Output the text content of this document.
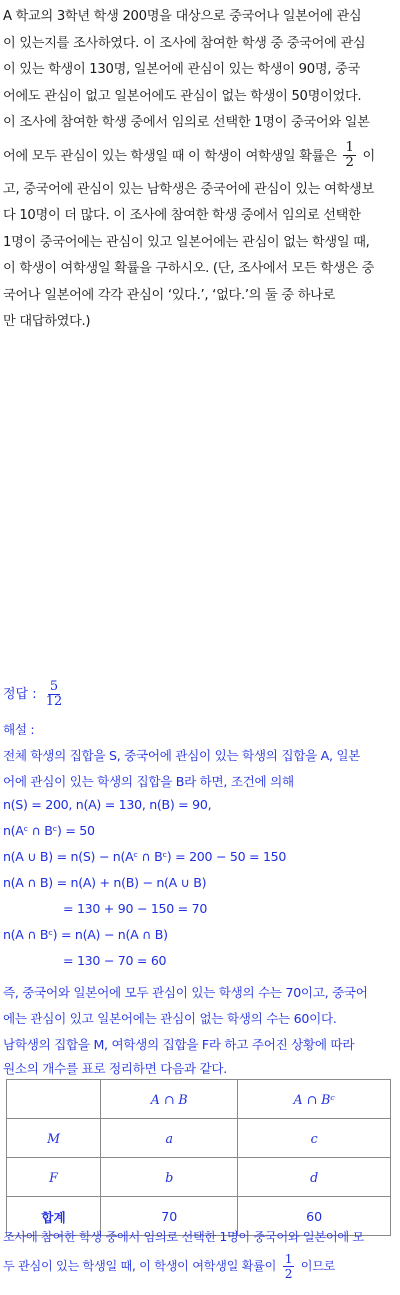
A 학교의 3학년 학생 200명을 대상으로 중국어나 일본어에 관심

이 있는지를 조사하였다. 이 조사에 참여한 학생 중 중국어에 관심

이 있는 학생이 130명, 일본어에 관심이 있는 학생이 90명, 중국

어에도 관심이 없고 일본어에도 관심이 없는 학생이 50명이었다.

이 조사에 참여한 학생 중에서 임의로 선택한 1명이 중국어와 일본

어에 모두 관심이 있는 학생일 때 이 학생이 여학생일 확률은 $\frac{1}{2}$ 이

고, 중국어에 관심이 있는 남학생은 중국어에 관심이 있는 여학생보

다 10명이 더 많다. 이 조사에 참여한 학생 중에서 임의로 선택한

1명이 중국어에는 관심이 있고 일본어에는 관심이 없는 학생일 때,

이 학생이 여학생일 확률을 구하시오. (단, 조사에서 모든 학생은 중

국어나 일본어에 각각 관심이 ‘있다.’, ‘없다.’의 둘 중 하나로

만 대답하였다.)

정답 : $\frac{5}{12}$
해설 :
전체 학생의 집합을 S, 중국어에 관심이 있는 학생의 집합을 A, 일본
어에 관심이 있는 학생의 집합을 B라 하면, 조건에 의해
n(S) = 200, n(A) = 130, n(B) = 90,
n(Aᶜ ∩ Bᶜ) = 50
n(A ∪ B) = n(S) − n(Aᶜ ∩ Bᶜ) = 200 − 50 = 150
n(A ∩ B) = n(A) + n(B) − n(A ∪ B)
= 130 + 90 − 150 = 70
n(A ∩ Bᶜ) = n(A) − n(A ∩ B)
= 130 − 70 = 60
즉, 중국어와 일본어에 모두 관심이 있는 학생의 수는 70이고, 중국어
에는 관심이 있고 일본어에는 관심이 없는 학생의 수는 60이다.
남학생의 집합을 M, 여학생의 집합을 F라 하고 주어진 상황에 따라
원소의 개수를 표로 정리하면 다음과 같다.
	A ∩ B	A ∩ Bᶜ
M	a	c
F	b	d
합계	70	60
조사에 참여한 학생 중에서 임의로 선택한 1명이 중국어와 일본어에 모
두 관심이 있는 학생일 때, 이 학생이 여학생일 확률이 $\frac{1}{2}$ 이므로
